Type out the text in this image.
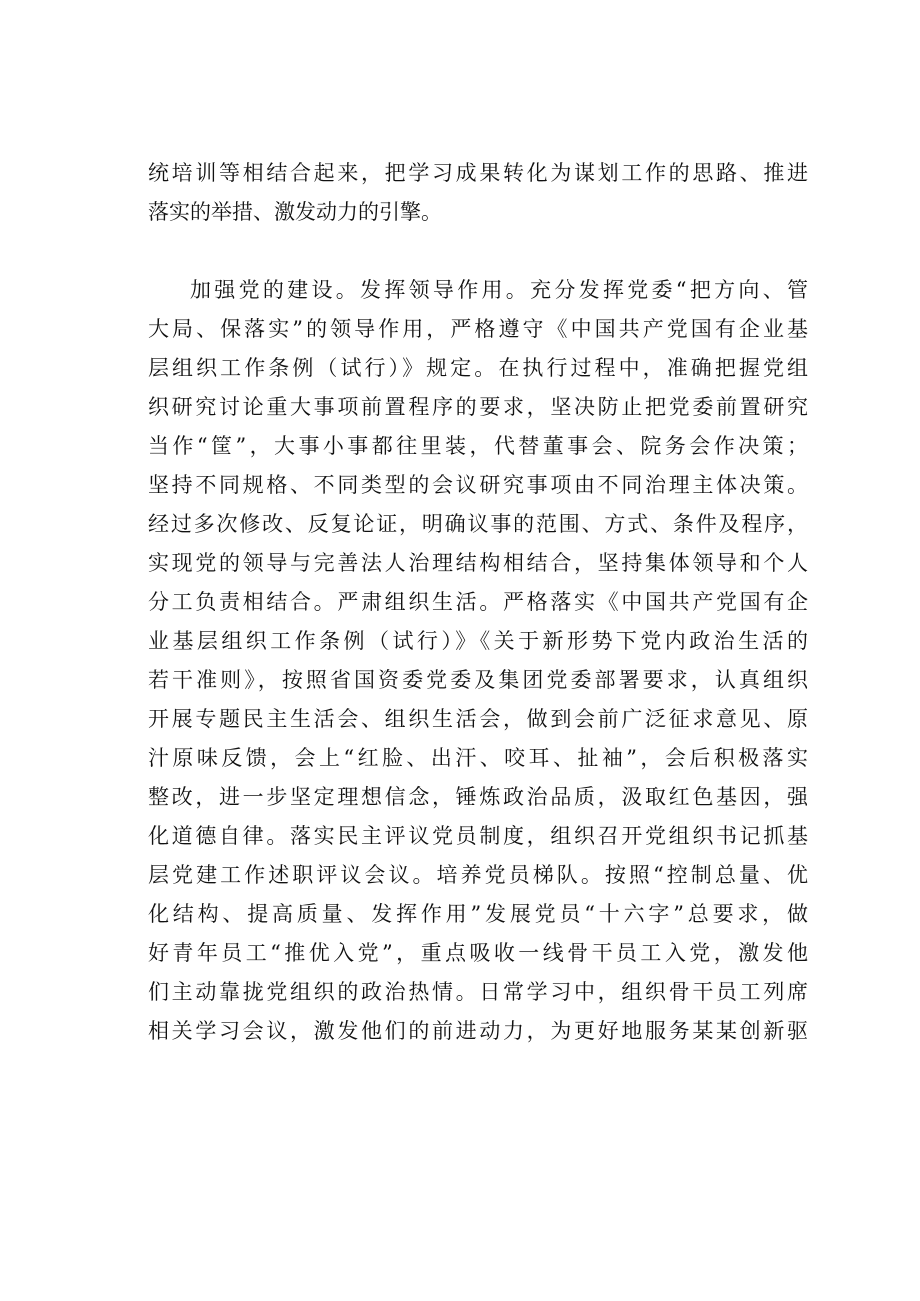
统培训等相结合起来，把学习成果转化为谋划工作的思路、推进
落实的举措、激发动力的引擎。
加强党的建设。发挥领导作用。充分发挥党委“把方向、管
大局、保落实”的领导作用，严格遵守《中国共产党国有企业基
层组织工作条例（试行）》规定。在执行过程中，准确把握党组
织研究讨论重大事项前置程序的要求，坚决防止把党委前置研究
当作“筐”，大事小事都往里装，代替董事会、院务会作决策；
坚持不同规格、不同类型的会议研究事项由不同治理主体决策。
经过多次修改、反复论证，明确议事的范围、方式、条件及程序，
实现党的领导与完善法人治理结构相结合，坚持集体领导和个人
分工负责相结合。严肃组织生活。严格落实《中国共产党国有企
业基层组织工作条例（试行）》《关于新形势下党内政治生活的
若干准则》，按照省国资委党委及集团党委部署要求，认真组织
开展专题民主生活会、组织生活会，做到会前广泛征求意见、原
汁原味反馈，会上“红脸、出汗、咬耳、扯袖”，会后积极落实
整改，进一步坚定理想信念，锤炼政治品质，汲取红色基因，强
化道德自律。落实民主评议党员制度，组织召开党组织书记抓基
层党建工作述职评议会议。培养党员梯队。按照“控制总量、优
化结构、提高质量、发挥作用”发展党员“十六字”总要求，做
好青年员工“推优入党”，重点吸收一线骨干员工入党，激发他
们主动靠拢党组织的政治热情。日常学习中，组织骨干员工列席
相关学习会议，激发他们的前进动力，为更好地服务某某创新驱
